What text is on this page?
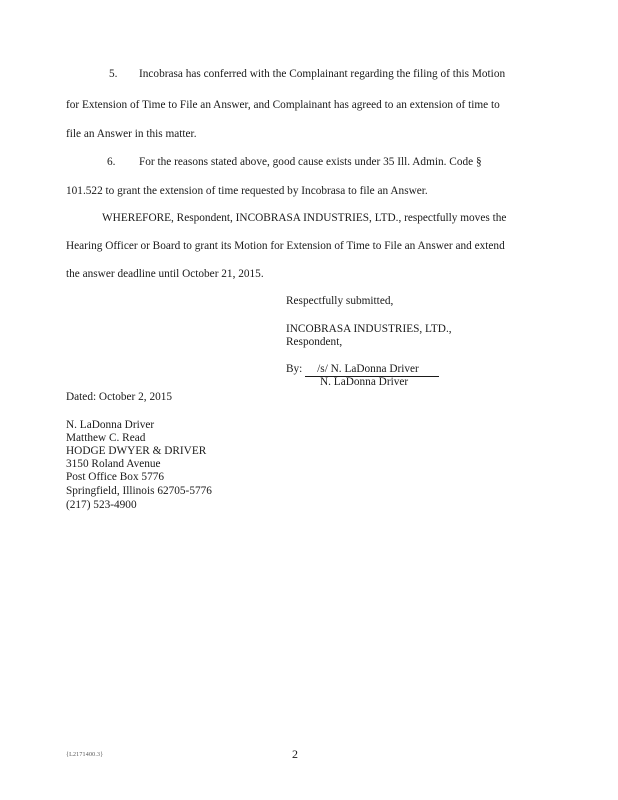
5. Incobrasa has conferred with the Complainant regarding the filing of this Motion
for Extension of Time to File an Answer, and Complainant has agreed to an extension of time to
file an Answer in this matter.
6. For the reasons stated above, good cause exists under 35 Ill. Admin. Code §
101.522 to grant the extension of time requested by Incobrasa to file an Answer.
WHEREFORE, Respondent, INCOBRASA INDUSTRIES, LTD., respectfully moves the
Hearing Officer or Board to grant its Motion for Extension of Time to File an Answer and extend
the answer deadline until October 21, 2015.
Respectfully submitted,
INCOBRASA INDUSTRIES, LTD.,
Respondent,
By: /s/ N. LaDonna Driver
N. LaDonna Driver
Dated: October 2, 2015
N. LaDonna Driver
Matthew C. Read
HODGE DWYER & DRIVER
3150 Roland Avenue
Post Office Box 5776
Springfield, Illinois 62705-5776
(217) 523-4900
{L2171400.3}	2
